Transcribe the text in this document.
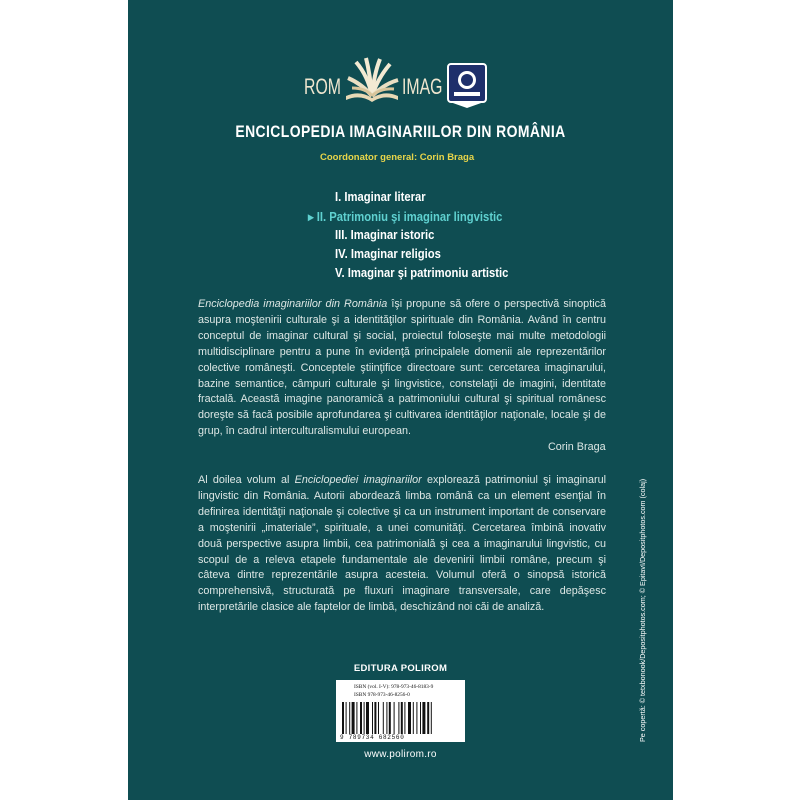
ROM	IMAG
ENCICLOPEDIA IMAGINARIILOR DIN ROMÂNIA
Coordonator general: Corin Braga
I. Imaginar literar
▸ II. Patrimoniu şi imaginar lingvistic
III. Imaginar istoric
IV. Imaginar religios
V. Imaginar şi patrimoniu artistic
Enciclopedia imaginariilor din România îşi propune să ofere o perspectivă sinoptică asupra moştenirii culturale şi a identităţilor spirituale din România. Având în centru conceptul de imaginar cultural şi social, proiectul foloseşte mai multe metodologii multidisciplinare pentru a pune în evidenţă principalele domenii ale reprezentărilor colective româneşti. Conceptele ştiinţifice directoare sunt: cercetarea imaginarului, bazine semantice, câmpuri culturale şi lingvistice, constelaţii de imagini, identitate fractală. Această imagine panoramică a patrimoniului cultural şi spiritual românesc doreşte să facă posibile aprofundarea şi cultivarea identităţilor naţionale, locale şi de grup, în cadrul interculturalismului european.
Corin Braga
Al doilea volum al Enciclopediei imaginariilor explorează patrimoniul şi imaginarul lingvistic din România. Autorii abordează limba română ca un element esenţial în definirea identităţii naţionale şi colective şi ca un instrument important de conservare a moştenirii „imateriale”, spirituale, a unei comunităţi. Cercetarea îmbină inovativ două perspective asupra limbii, cea patrimonială şi cea a imaginarului lingvistic, cu scopul de a releva etapele fundamentale ale devenirii limbii române, precum şi câteva dintre reprezentările asupra acesteia. Volumul oferă o sinopsă istorică comprehensivă, structurată pe fluxuri imaginare transversale, care depăşesc interpretările clasice ale faptelor de limbă, deschizând noi căi de analiză.
EDITURA POLIROM
ISBN (vol. I-V): 978-973-46-8183-9
ISBN 978-973-46-8256-0
9 789734 682560
www.polirom.ro
Pe copertă: © tetxbonook/Depositphotos.com; © EpitavI/Depositphotos.com (colaj)
